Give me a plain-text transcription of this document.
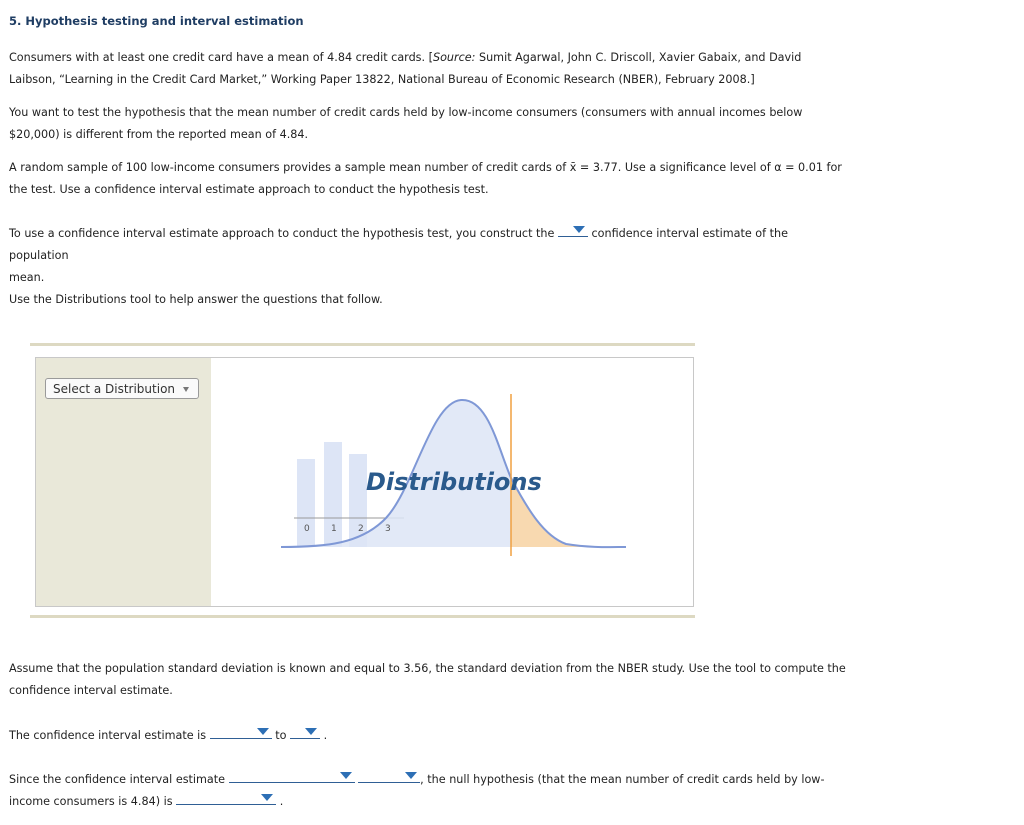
5. Hypothesis testing and interval estimation

Consumers with at least one credit card have a mean of 4.84 credit cards. [Source: Sumit Agarwal, John C. Driscoll, Xavier Gabaix, and David
Laibson, “Learning in the Credit Card Market,” Working Paper 13822, National Bureau of Economic Research (NBER), February 2008.]

You want to test the hypothesis that the mean number of credit cards held by low-income consumers (consumers with annual incomes below
$20,000) is different from the reported mean of 4.84.

A random sample of 100 low-income consumers provides a sample mean number of credit cards of x̄ = 3.77. Use a significance level of α = 0.01 for
the test. Use a confidence interval estimate approach to conduct the hypothesis test.

To use a confidence interval estimate approach to conduct the hypothesis test, you construct the	confidence interval estimate of the population
mean.

Use the Distributions tool to help answer the questions that follow.

Select a Distribution
0 1 2 3
Distributions

Assume that the population standard deviation is known and equal to 3.56, the standard deviation from the NBER study. Use the tool to compute the
confidence interval estimate.

The confidence interval estimate is	to	.

Since the confidence interval estimate
	, the null hypothesis (that the mean number of credit cards held by low-
income consumers is 4.84) is	.
